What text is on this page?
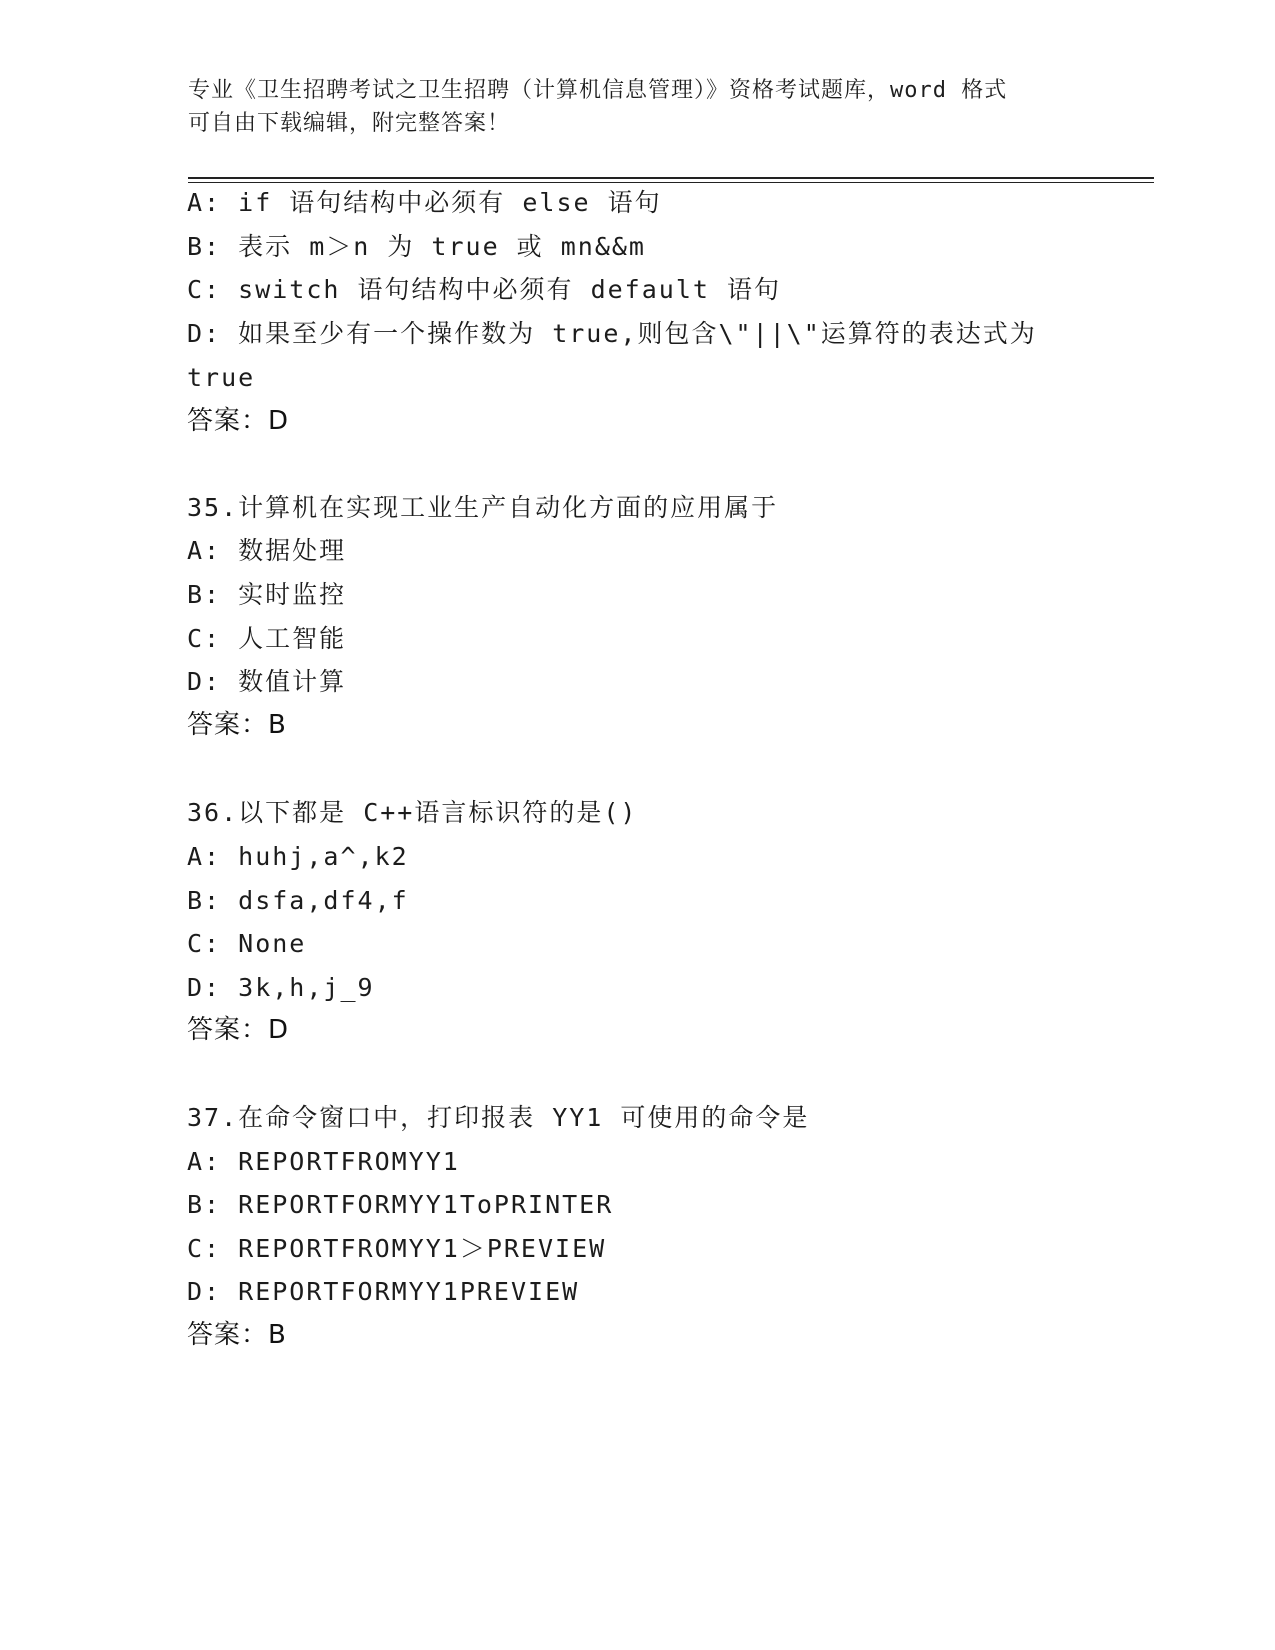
专业《卫生招聘考试之卫生招聘（计算机信息管理）》资格考试题库，word 格式
可自由下载编辑，附完整答案！
A: if 语句结构中必须有 else 语句
B: 表示 m＞n 为 true 或 mn&&m
C: switch 语句结构中必须有 default 语句
D: 如果至少有一个操作数为 true,则包含\"||\"运算符的表达式为
true
答案：D
35.计算机在实现工业生产自动化方面的应用属于
A: 数据处理
B: 实时监控
C: 人工智能
D: 数值计算
答案：B
36.以下都是 C++语言标识符的是()
A: huhj,a^,k2
B: dsfa,df4,f
C: None
D: 3k,h,j_9
答案：D
37.在命令窗口中，打印报表 YY1 可使用的命令是
A: REPORTFROMYY1
B: REPORTFORMYY1ToPRINTER
C: REPORTFROMYY1＞PREVIEW
D: REPORTFORMYY1PREVIEW
答案：B
